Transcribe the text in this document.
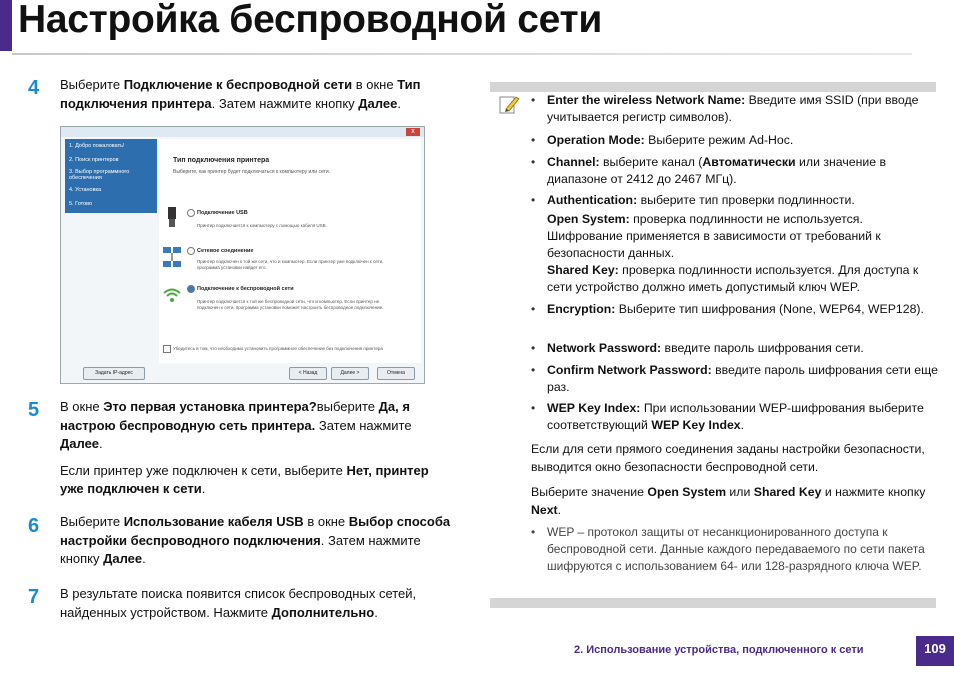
Настройка беспроводной сети
4 Выберите Подключение к беспроводной сети в окне Тип подключения принтера. Затем нажмите кнопку Далее.

x
1. Добро пожаловать!
2. Поиск принтеров
3. Выбор программного обеспечения
4. Установка
5. Готово
Тип подключения принтера
Выберите, как принтер будет подключаться к компьютеру или сети.
Подключение USB
Принтер подключается к компьютеру с помощью кабеля USB.
Сетевое соединение
Принтер подключен к той же сети, что и компьютер. Если принтер уже подключен к сети, программа установки найдет его.
Подключение к беспроводной сети
Принтер подключается к той же беспроводной сети, что и компьютер. Если принтер не подключен к сети, программа установки поможет настроить беспроводное подключение.
Убедитесь в том, что необходимо установить программное обеспечение без подключения принтера
Задать IP-адрес	< Назад	Далее >	Отмена
5 В окне Это первая установка принтера?выберите Да, я настрою беспроводную сеть принтера. Затем нажмите Далее.

Если принтер уже подключен к сети, выберите Нет, принтер уже подключен к сети.

6 Выберите Использование кабеля USB в окне Выбор способа настройки беспроводного подключения. Затем нажмите кнопку Далее.

7 В результате поиска появится список беспроводных сетей, найденных устройством. Нажмите Дополнительно.

• Enter the wireless Network Name: Введите имя SSID (при вводе учитывается регистр символов).

• Operation Mode: Выберите режим Ad-Hoc.

• Channel: выберите канал (Автоматически или значение в диапазоне от 2412 до 2467 МГц).

• Authentication: выберите тип проверки подлинности.

Open System: проверка подлинности не используется. Шифрование применяется в зависимости от требований к безопасности данных.

Shared Key: проверка подлинности используется. Для доступа к сети устройство должно иметь допустимый ключ WEP.

• Encryption: Выберите тип шифрования (None, WEP64, WEP128).

• Network Password: введите пароль шифрования сети.

• Confirm Network Password: введите пароль шифрования сети еще раз.

• WEP Key Index: При использовании WEP-шифрования выберите соответствующий WEP Key Index.

Если для сети прямого соединения заданы настройки безопасности, выводится окно безопасности беспроводной сети.
Выберите значение Open System или Shared Key и нажмите кнопку Next.
• WEP – протокол защиты от несанкционированного доступа к беспроводной сети. Данные каждого передаваемого по сети пакета шифруются с использованием 64- или 128-разрядного ключа WEP.
2. Использование устройства, подключенного к сети	109
